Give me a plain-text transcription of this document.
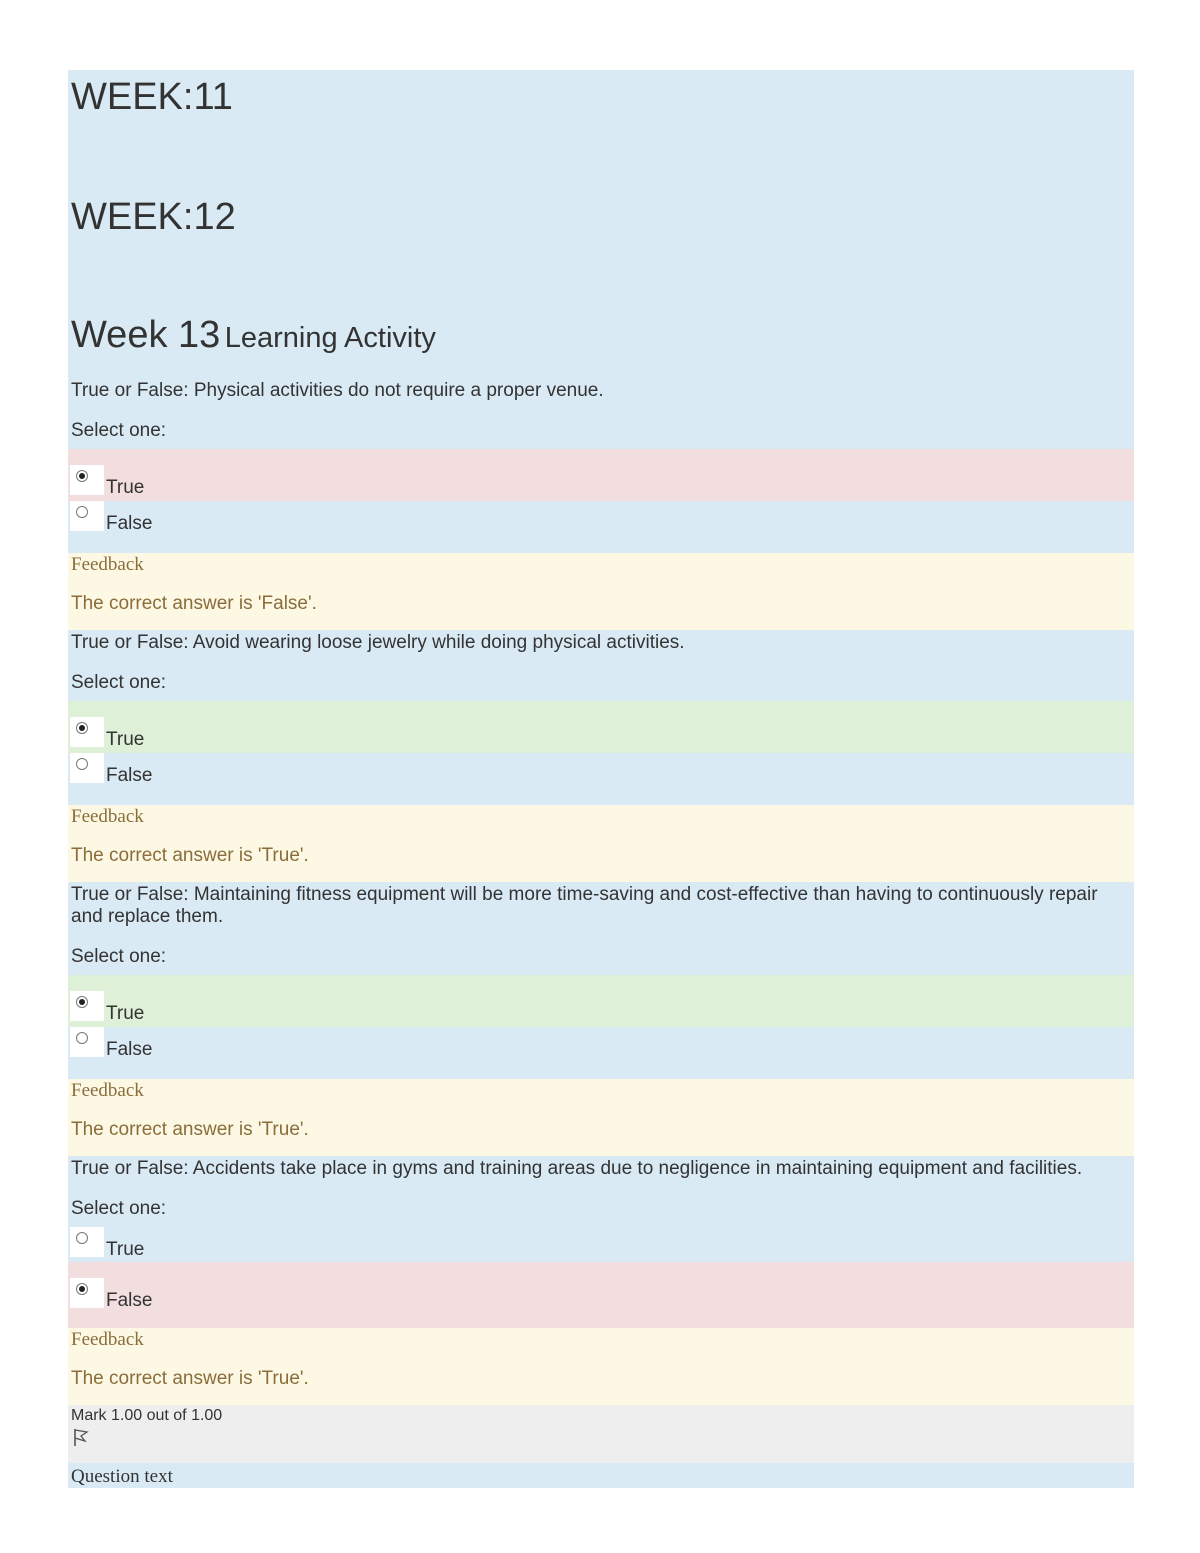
WEEK:11
WEEK:12
Week 13 Learning Activity
True or False: Physical activities do not require a proper venue.
Select one:
True
False
Feedback
The correct answer is 'False'.
True or False: Avoid wearing loose jewelry while doing physical activities.
Select one:
True
False
Feedback
The correct answer is 'True'.
True or False: Maintaining fitness equipment will be more time-saving and cost-effective than having to continuously repair and replace them.
Select one:
True
False
Feedback
The correct answer is 'True'.
True or False: Accidents take place in gyms and training areas due to negligence in maintaining equipment and facilities.
Select one:
True
False
Feedback
The correct answer is 'True'.
Mark 1.00 out of 1.00
Question text
